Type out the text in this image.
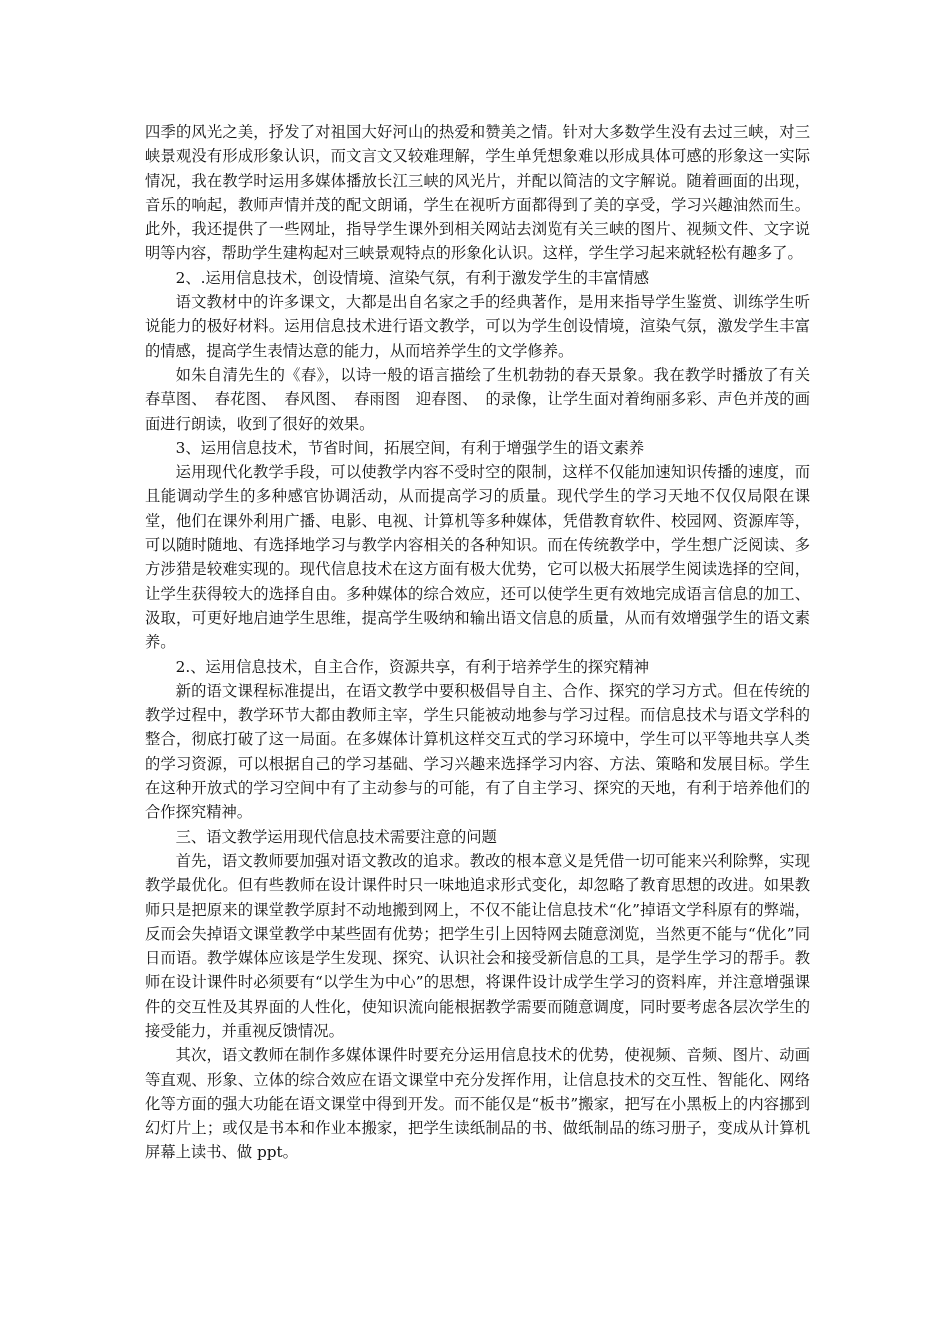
四季的风光之美，抒发了对祖国大好河山的热爱和赞美之情。针对大多数学生没有去过三峡，对三峡景观没有形成形象认识，而文言文又较难理解，学生单凭想象难以形成具体可感的形象这一实际情况，我在教学时运用多媒体播放长江三峡的风光片，并配以简洁的文字解说。随着画面的出现，音乐的响起，教师声情并茂的配文朗诵，学生在视听方面都得到了美的享受，学习兴趣油然而生。此外，我还提供了一些网址，指导学生课外到相关网站去浏览有关三峡的图片、视频文件、文字说明等内容，帮助学生建构起对三峡景观特点的形象化认识。这样，学生学习起来就轻松有趣多了。

2、.运用信息技术，创设情境、渲染气氛，有利于激发学生的丰富情感

语文教材中的许多课文，大都是出自名家之手的经典著作，是用来指导学生鉴赏、训练学生听说能力的极好材料。运用信息技术进行语文教学，可以为学生创设情境，渲染气氛，激发学生丰富的情感，提高学生表情达意的能力，从而培养学生的文学修养。

如朱自清先生的《春》，以诗一般的语言描绘了生机勃勃的春天景象。我在教学时播放了有关春草图、　春花图、　春风图、　春雨图　迎春图、　的录像，让学生面对着绚丽多彩、声色并茂的画面进行朗读，收到了很好的效果。

3、运用信息技术，节省时间，拓展空间，有利于增强学生的语文素养

运用现代化教学手段，可以使教学内容不受时空的限制，这样不仅能加速知识传播的速度，而且能调动学生的多种感官协调活动，从而提高学习的质量。现代学生的学习天地不仅仅局限在课堂，他们在课外利用广播、电影、电视、计算机等多种媒体，凭借教育软件、校园网、资源库等，可以随时随地、有选择地学习与教学内容相关的各种知识。而在传统教学中，学生想广泛阅读、多方涉猎是较难实现的。现代信息技术在这方面有极大优势，它可以极大拓展学生阅读选择的空间，让学生获得较大的选择自由。多种媒体的综合效应，还可以使学生更有效地完成语言信息的加工、汲取，可更好地启迪学生思维，提高学生吸纳和输出语文信息的质量，从而有效增强学生的语文素养。

2.、运用信息技术，自主合作，资源共享，有利于培养学生的探究精神

新的语文课程标准提出，在语文教学中要积极倡导自主、合作、探究的学习方式。但在传统的教学过程中，教学环节大都由教师主宰，学生只能被动地参与学习过程。而信息技术与语文学科的整合，彻底打破了这一局面。在多媒体计算机这样交互式的学习环境中，学生可以平等地共享人类的学习资源，可以根据自己的学习基础、学习兴趣来选择学习内容、方法、策略和发展目标。学生在这种开放式的学习空间中有了主动参与的可能，有了自主学习、探究的天地，有利于培养他们的合作探究精神。

三、语文教学运用现代信息技术需要注意的问题

首先，语文教师要加强对语文教改的追求。教改的根本意义是凭借一切可能来兴利除弊，实现教学最优化。但有些教师在设计课件时只一味地追求形式变化，却忽略了教育思想的改进。如果教师只是把原来的课堂教学原封不动地搬到网上，不仅不能让信息技术“化”掉语文学科原有的弊端，反而会失掉语文课堂教学中某些固有优势；把学生引上因特网去随意浏览，当然更不能与“优化”同日而语。教学媒体应该是学生发现、探究、认识社会和接受新信息的工具，是学生学习的帮手。教师在设计课件时必须要有“以学生为中心”的思想，将课件设计成学生学习的资料库，并注意增强课件的交互性及其界面的人性化，使知识流向能根据教学需要而随意调度，同时要考虑各层次学生的接受能力，并重视反馈情况。

其次，语文教师在制作多媒体课件时要充分运用信息技术的优势，使视频、音频、图片、动画等直观、形象、立体的综合效应在语文课堂中充分发挥作用，让信息技术的交互性、智能化、网络化等方面的强大功能在语文课堂中得到开发。而不能仅是“板书”搬家，把写在小黑板上的内容挪到幻灯片上；或仅是书本和作业本搬家，把学生读纸制品的书、做纸制品的练习册子，变成从计算机屏幕上读书、做 ppt。
